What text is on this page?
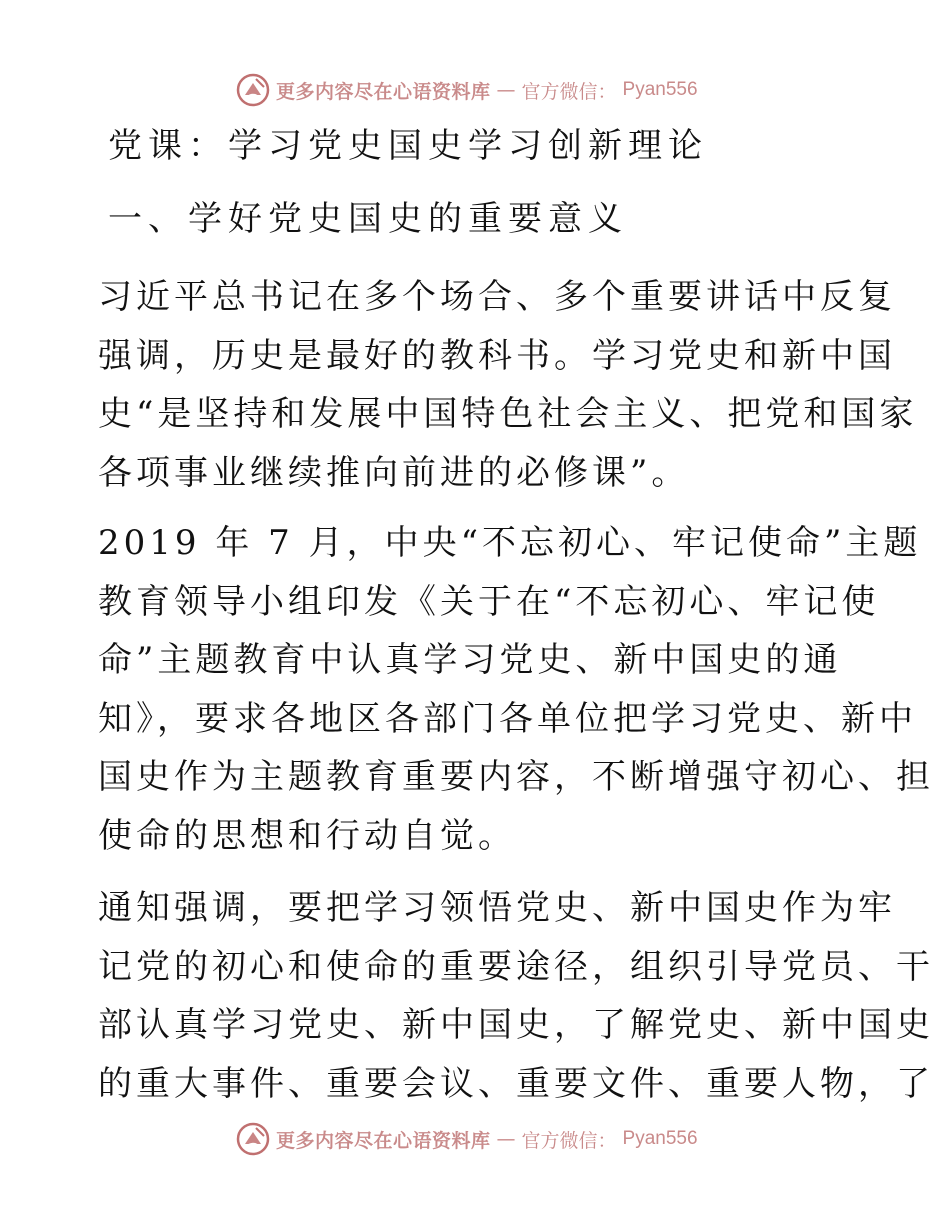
更多内容尽在心语资料库 — 官方微信： Pyan556
党课：学习党史国史学习创新理论
一、学好党史国史的重要意义
习近平总书记在多个场合、多个重要讲话中反复
强调，历史是最好的教科书。学习党史和新中国
史“是坚持和发展中国特色社会主义、把党和国家
各项事业继续推向前进的必修课”。
2019 年 7 月，中央“不忘初心、牢记使命”主题
教育领导小组印发《关于在“不忘初心、牢记使
命”主题教育中认真学习党史、新中国史的通
知》，要求各地区各部门各单位把学习党史、新中
国史作为主题教育重要内容，不断增强守初心、担
使命的思想和行动自觉。
通知强调，要把学习领悟党史、新中国史作为牢
记党的初心和使命的重要途径，组织引导党员、干
部认真学习党史、新中国史，了解党史、新中国史
的重大事件、重要会议、重要文件、重要人物，了
更多内容尽在心语资料库 — 官方微信： Pyan556
